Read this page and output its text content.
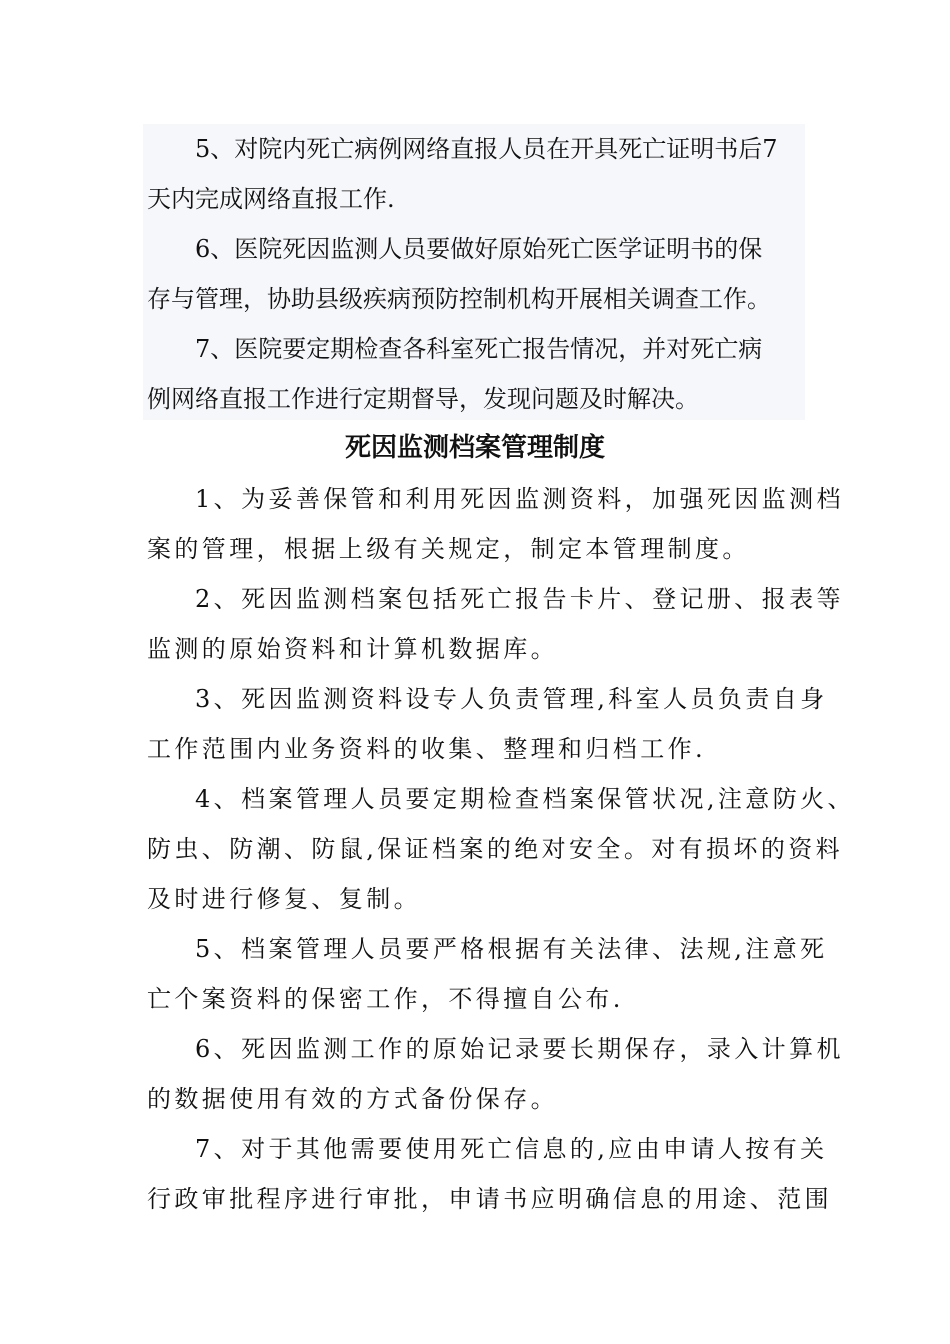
5、对院内死亡病例网络直报人员在开具死亡证明书后7
天内完成网络直报工作.
6、医院死因监测人员要做好原始死亡医学证明书的保
存与管理，协助县级疾病预防控制机构开展相关调查工作。
7、医院要定期检查各科室死亡报告情况，并对死亡病
例网络直报工作进行定期督导，发现问题及时解决。
死因监测档案管理制度
1、为妥善保管和利用死因监测资料，加强死因监测档
案的管理，根据上级有关规定，制定本管理制度。
2、死因监测档案包括死亡报告卡片、登记册、报表等
监测的原始资料和计算机数据库。
3、死因监测资料设专人负责管理,科室人员负责自身
工作范围内业务资料的收集、整理和归档工作.
4、档案管理人员要定期检查档案保管状况,注意防火、
防虫、防潮、防鼠,保证档案的绝对安全。对有损坏的资料
及时进行修复、复制。
5、档案管理人员要严格根据有关法律、法规,注意死
亡个案资料的保密工作，不得擅自公布.
6、死因监测工作的原始记录要长期保存，录入计算机
的数据使用有效的方式备份保存。
7、对于其他需要使用死亡信息的,应由申请人按有关
行政审批程序进行审批，申请书应明确信息的用途、范围
